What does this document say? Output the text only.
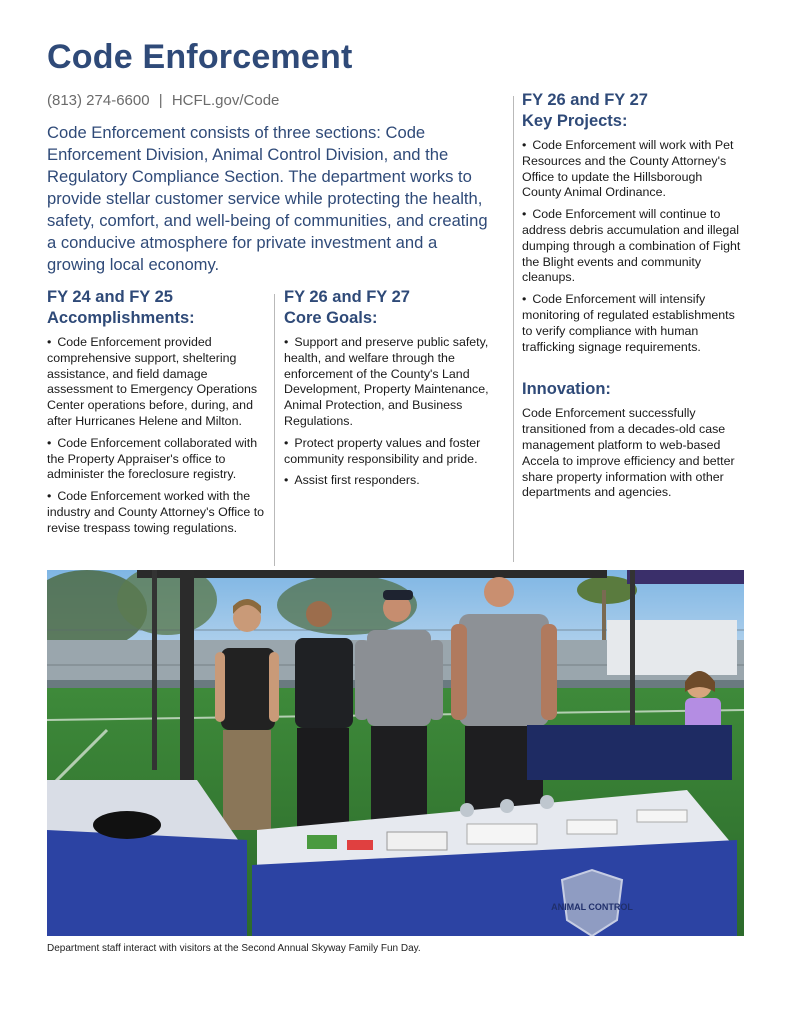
Code Enforcement
(813) 274-6600 | HCFL.gov/Code
Code Enforcement consists of three sections: Code Enforcement Division, Animal Control Division, and the Regulatory Compliance Section. The department works to provide stellar customer service while protecting the health, safety, comfort, and well-being of communities, and creating a conducive atmosphere for private investment and a growing local economy.
FY 24 and FY 25
Accomplishments:
• Code Enforcement provided comprehensive support, sheltering assistance, and field damage assessment to Emergency Operations Center operations before, during, and after Hurricanes Helene and Milton.
• Code Enforcement collaborated with the Property Appraiser's office to administer the foreclosure registry.
• Code Enforcement worked with the industry and County Attorney's Office to revise trespass towing regulations.
FY 26 and FY 27
Core Goals:
• Support and preserve public safety, health, and welfare through the enforcement of the County's Land Development, Property Maintenance, Animal Protection, and Business Regulations.
• Protect property values and foster community responsibility and pride.
• Assist first responders.
FY 26 and FY 27
Key Projects:
• Code Enforcement will work with Pet Resources and the County Attorney's Office to update the Hillsborough County Animal Ordinance.
• Code Enforcement will continue to address debris accumulation and illegal dumping through a combination of Fight the Blight events and community cleanups.
• Code Enforcement will intensify monitoring of regulated establishments to verify compliance with human trafficking signage requirements.
Innovation:

Code Enforcement successfully transitioned from a decades-old case management platform to web-based Accela to improve efficiency and better share property information with other departments and agencies.

ANIMAL CONTROL
Department staff interact with visitors at the Second Annual Skyway Family Fun Day.
